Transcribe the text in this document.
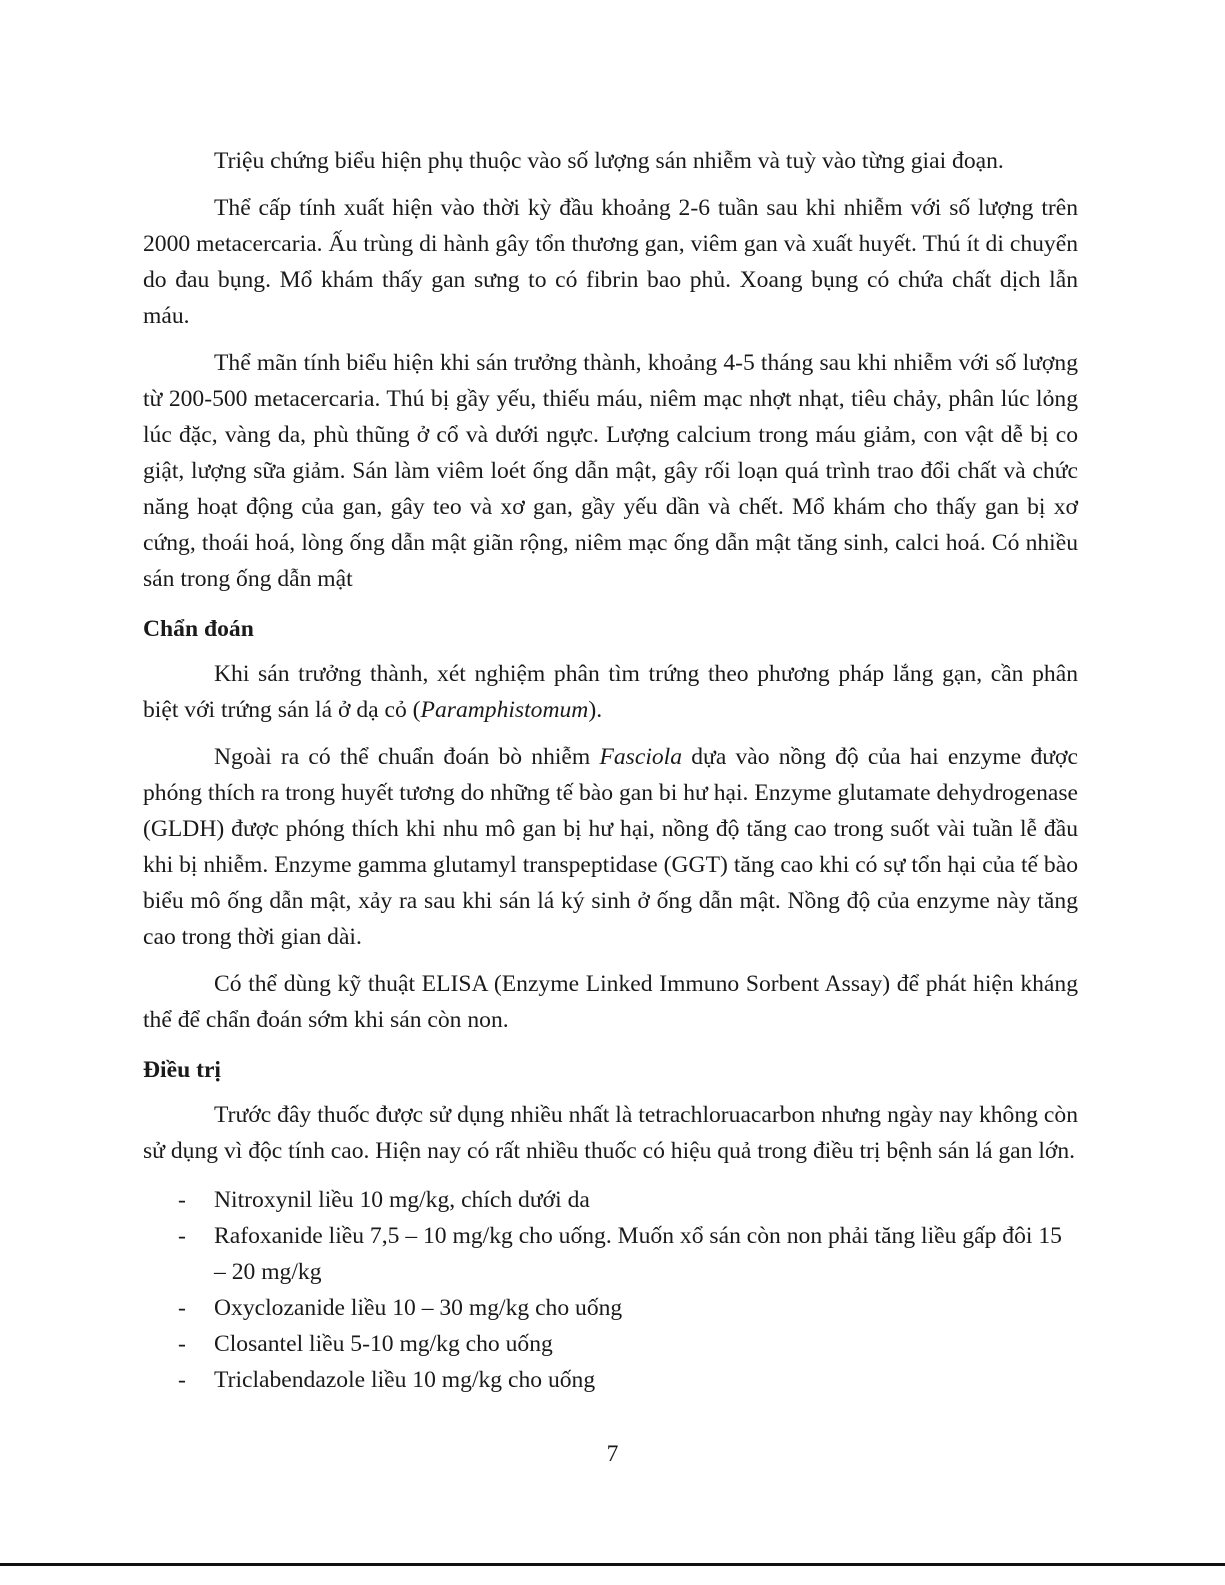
Triệu chứng biểu hiện phụ thuộc vào số lượng sán nhiễm và tuỳ vào từng giai đoạn.

Thể cấp tính xuất hiện vào thời kỳ đầu khoảng 2-6 tuần sau khi nhiễm với số lượng trên 2000 metacercaria. Ấu trùng di hành gây tổn thương gan, viêm gan và xuất huyết. Thú ít di chuyển do đau bụng. Mổ khám thấy gan sưng to có fibrin bao phủ. Xoang bụng có chứa chất dịch lẫn máu.

Thể mãn tính biểu hiện khi sán trưởng thành, khoảng 4-5 tháng sau khi nhiễm với số lượng từ 200-500 metacercaria. Thú bị gầy yếu, thiếu máu, niêm mạc nhợt nhạt, tiêu chảy, phân lúc lỏng lúc đặc, vàng da, phù thũng ở cổ và dưới ngực. Lượng calcium trong máu giảm, con vật dễ bị co giật, lượng sữa giảm. Sán làm viêm loét ống dẫn mật, gây rối loạn quá trình trao đổi chất và chức năng hoạt động của gan, gây teo và xơ gan, gầy yếu dần và chết. Mổ khám cho thấy gan bị xơ cứng, thoái hoá, lòng ống dẫn mật giãn rộng, niêm mạc ống dẫn mật tăng sinh, calci hoá. Có nhiều sán trong ống dẫn mật

Chẩn đoán

Khi sán trưởng thành, xét nghiệm phân tìm trứng theo phương pháp lắng gạn, cần phân biệt với trứng sán lá ở dạ cỏ (Paramphistomum).

Ngoài ra có thể chuẩn đoán bò nhiễm Fasciola dựa vào nồng độ của hai enzyme được phóng thích ra trong huyết tương do những tế bào gan bi hư hại. Enzyme glutamate dehydrogenase (GLDH) được phóng thích khi nhu mô gan bị hư hại, nồng độ tăng cao trong suốt vài tuần lễ đầu khi bị nhiễm. Enzyme gamma glutamyl transpeptidase (GGT) tăng cao khi có sự tổn hại của tế bào biểu mô ống dẫn mật, xảy ra sau khi sán lá ký sinh ở ống dẫn mật. Nồng độ của enzyme này tăng cao trong thời gian dài.

Có thể dùng kỹ thuật ELISA (Enzyme Linked Immuno Sorbent Assay) để phát hiện kháng thể để chẩn đoán sớm khi sán còn non.

Điều trị

Trước đây thuốc được sử dụng nhiều nhất là tetrachloruacarbon nhưng ngày nay không còn sử dụng vì độc tính cao. Hiện nay có rất nhiều thuốc có hiệu quả trong điều trị bệnh sán lá gan lớn.

- Nitroxynil liều 10 mg/kg, chích dưới da
- Rafoxanide liều 7,5 – 10 mg/kg cho uống. Muốn xổ sán còn non phải tăng liều gấp đôi 15 – 20 mg/kg
- Oxyclozanide liều 10 – 30 mg/kg cho uống
- Closantel liều 5-10 mg/kg cho uống
- Triclabendazole liều 10 mg/kg cho uống
7
